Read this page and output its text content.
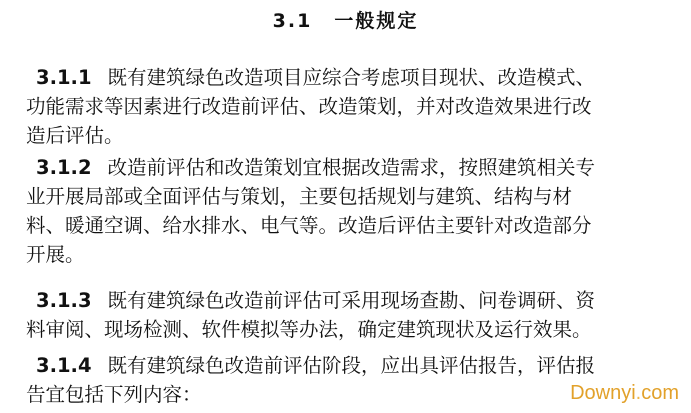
3.1 一般规定
3.1.1 既有建筑绿色改造项目应综合考虑项目现状、改造模式、
功能需求等因素进行改造前评估、改造策划，并对改造效果进行改
造后评估。
3.1.2 改造前评估和改造策划宜根据改造需求，按照建筑相关专
业开展局部或全面评估与策划，主要包括规划与建筑、结构与材
料、暖通空调、给水排水、电气等。改造后评估主要针对改造部分
开展。
3.1.3 既有建筑绿色改造前评估可采用现场查勘、问卷调研、资
料审阅、现场检测、软件模拟等办法，确定建筑现状及运行效果。
3.1.4 既有建筑绿色改造前评估阶段，应出具评估报告，评估报
告宜包括下列内容：	Downyi.com
